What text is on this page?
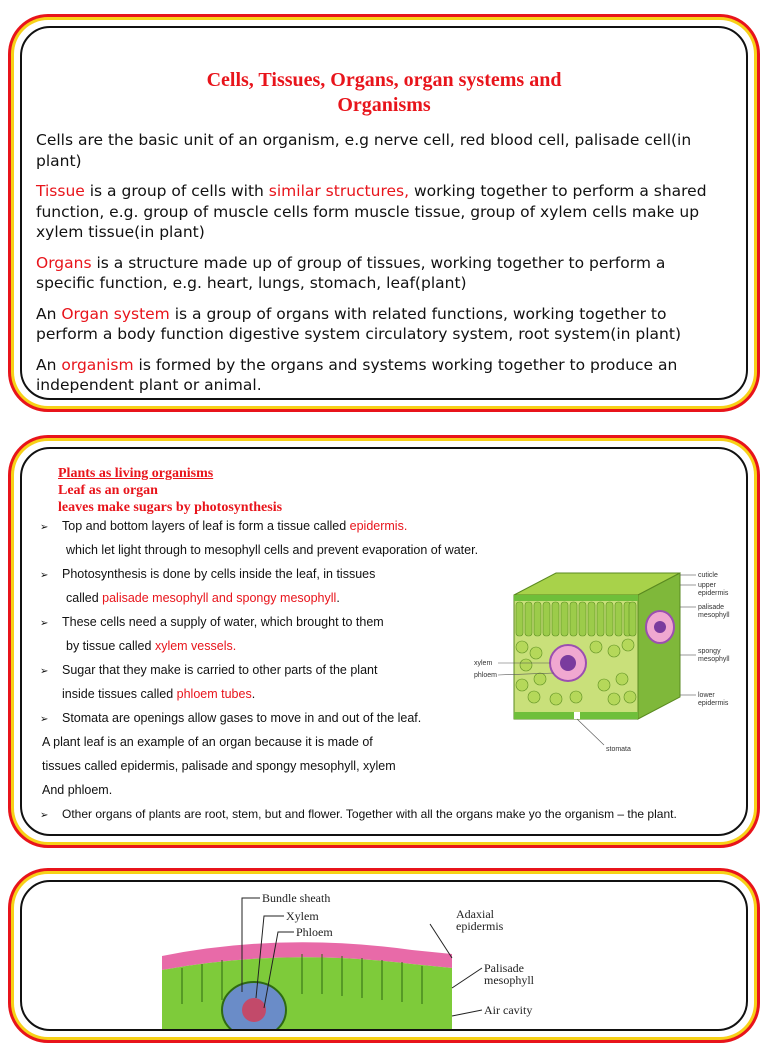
Cells, Tissues, Organs, organ systems and
Organisms

Cells are the basic unit of an organism, e.g nerve cell, red blood cell, palisade cell(in plant)

Tissue is a group of cells with similar structures, working together to perform a shared function, e.g. group of muscle cells form muscle tissue, group of xylem cells make up xylem tissue(in plant)

Organs is a structure made up of group of tissues, working together to perform a specific function, e.g. heart, lungs, stomach, leaf(plant)

An Organ system is a group of organs with related functions, working together to perform a body function digestive system circulatory system, root system(in plant)

An organism is formed by the organs and systems working together to produce an independent plant or animal.

Plants as living organisms
Leaf as an organ
leaves make sugars by photosynthesis
➢ Top and bottom layers of leaf is form a tissue called epidermis.
which let light through to mesophyll cells and prevent evaporation of water.
➢ Photosynthesis is done by cells inside the leaf, in tissues
called palisade mesophyll and spongy mesophyll.
➢ These cells need a supply of water, which brought to them
by tissue called xylem vessels.
➢ Sugar that they make is carried to other parts of the plant
inside tissues called phloem tubes.
➢ Stomata are openings allow gases to move in and out of the leaf.
A plant leaf is an example of an organ because it is made of
tissues called epidermis, palisade and spongy mesophyll, xylem
And phloem.
➢ Other organs of plants are root, stem, but and flower. Together with all the organs make yo the organism – the plant.
cuticle
upper
epidermis
palisade
mesophyll
spongy
mesophyll
lower
epidermis
xylem
phloem
stomata
Bundle sheath
Xylem
Phloem
Adaxial
epidermis
Palisade
mesophyll
Air cavity
